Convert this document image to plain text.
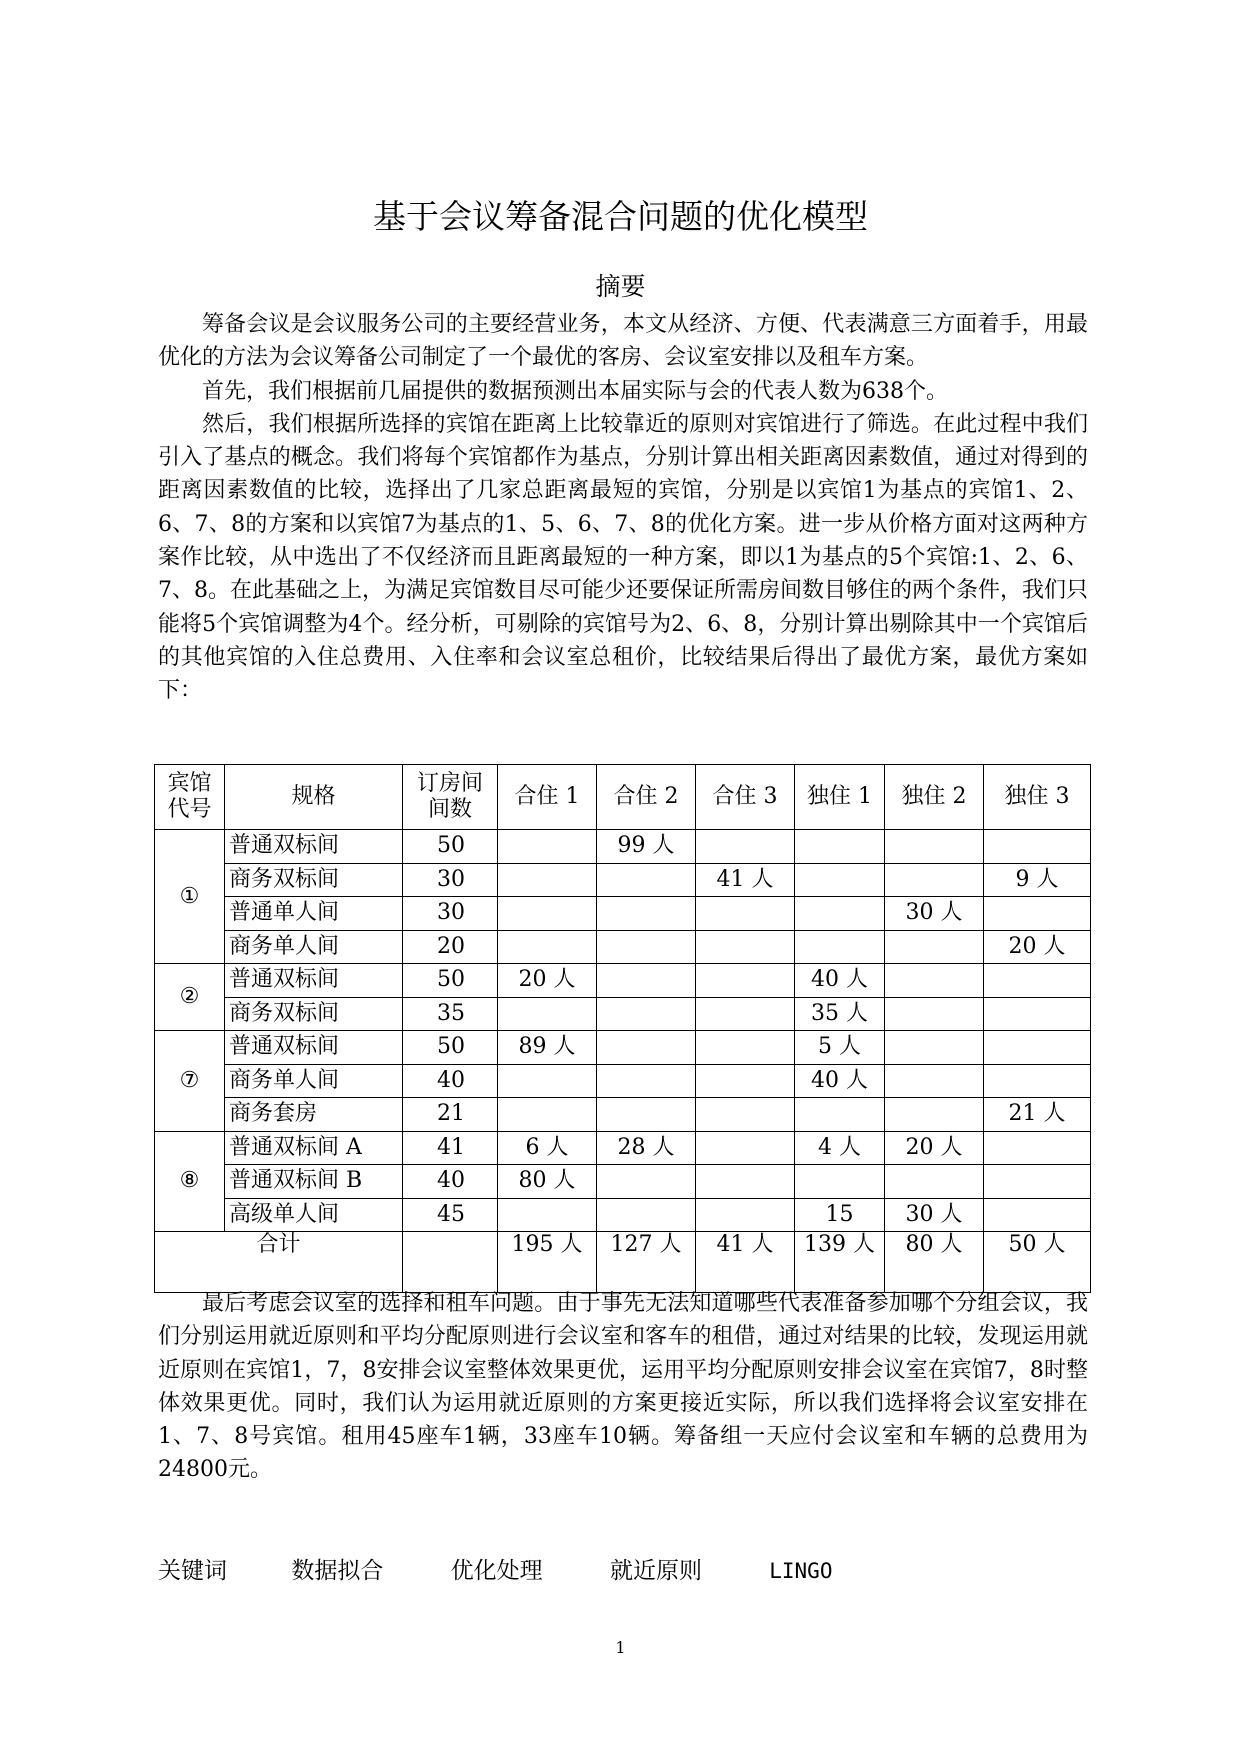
基于会议筹备混合问题的优化模型
摘要

筹备会议是会议服务公司的主要经营业务，本文从经济、方便、代表满意三方面着手，用最优化的方法为会议筹备公司制定了一个最优的客房、会议室安排以及租车方案。

首先，我们根据前几届提供的数据预测出本届实际与会的代表人数为638个。

然后，我们根据所选择的宾馆在距离上比较靠近的原则对宾馆进行了筛选。在此过程中我们引入了基点的概念。我们将每个宾馆都作为基点，分别计算出相关距离因素数值，通过对得到的距离因素数值的比较，选择出了几家总距离最短的宾馆，分别是以宾馆1为基点的宾馆1、2、6、7、8的方案和以宾馆7为基点的1、5、6、7、8的优化方案。进一步从价格方面对这两种方案作比较，从中选出了不仅经济而且距离最短的一种方案，即以1为基点的5个宾馆:1、2、6、7、8。在此基础之上，为满足宾馆数目尽可能少还要保证所需房间数目够住的两个条件，我们只能将5个宾馆调整为4个。经分析，可剔除的宾馆号为2、6、8，分别计算出剔除其中一个宾馆后的其他宾馆的入住总费用、入住率和会议室总租价，比较结果后得出了最优方案，最优方案如下：

宾馆代号	规格	订房间间数	合住 1	合住 2	合住 3	独住 1	独住 2	独住 3
①	普通双标间	50		99 人				
	商务双标间	30			41 人			9 人
	普通单人间	30					30 人	
	商务单人间	20						20 人
②	普通双标间	50	20 人			40 人		
	商务双标间	35				35 人		
⑦	普通双标间	50	89 人			5 人		
	商务单人间	40				40 人		
	商务套房	21						21 人
⑧	普通双标间 A	41	6 人	28 人		4 人	20 人	
	普通双标间 B	40	80 人					
	高级单人间	45				15	30 人	
合计			195 人	127 人	41 人	139 人	80 人	50 人

最后考虑会议室的选择和租车问题。由于事先无法知道哪些代表准备参加哪个分组会议，我们分别运用就近原则和平均分配原则进行会议室和客车的租借，通过对结果的比较，发现运用就近原则在宾馆1，7，8安排会议室整体效果更优，运用平均分配原则安排会议室在宾馆7，8时整体效果更优。同时，我们认为运用就近原则的方案更接近实际，所以我们选择将会议室安排在1、7、8号宾馆。租用45座车1辆，33座车10辆。筹备组一天应付会议室和车辆的总费用为24800元。

关键词	数据拟合	优化处理	就近原则	LINGO
1
